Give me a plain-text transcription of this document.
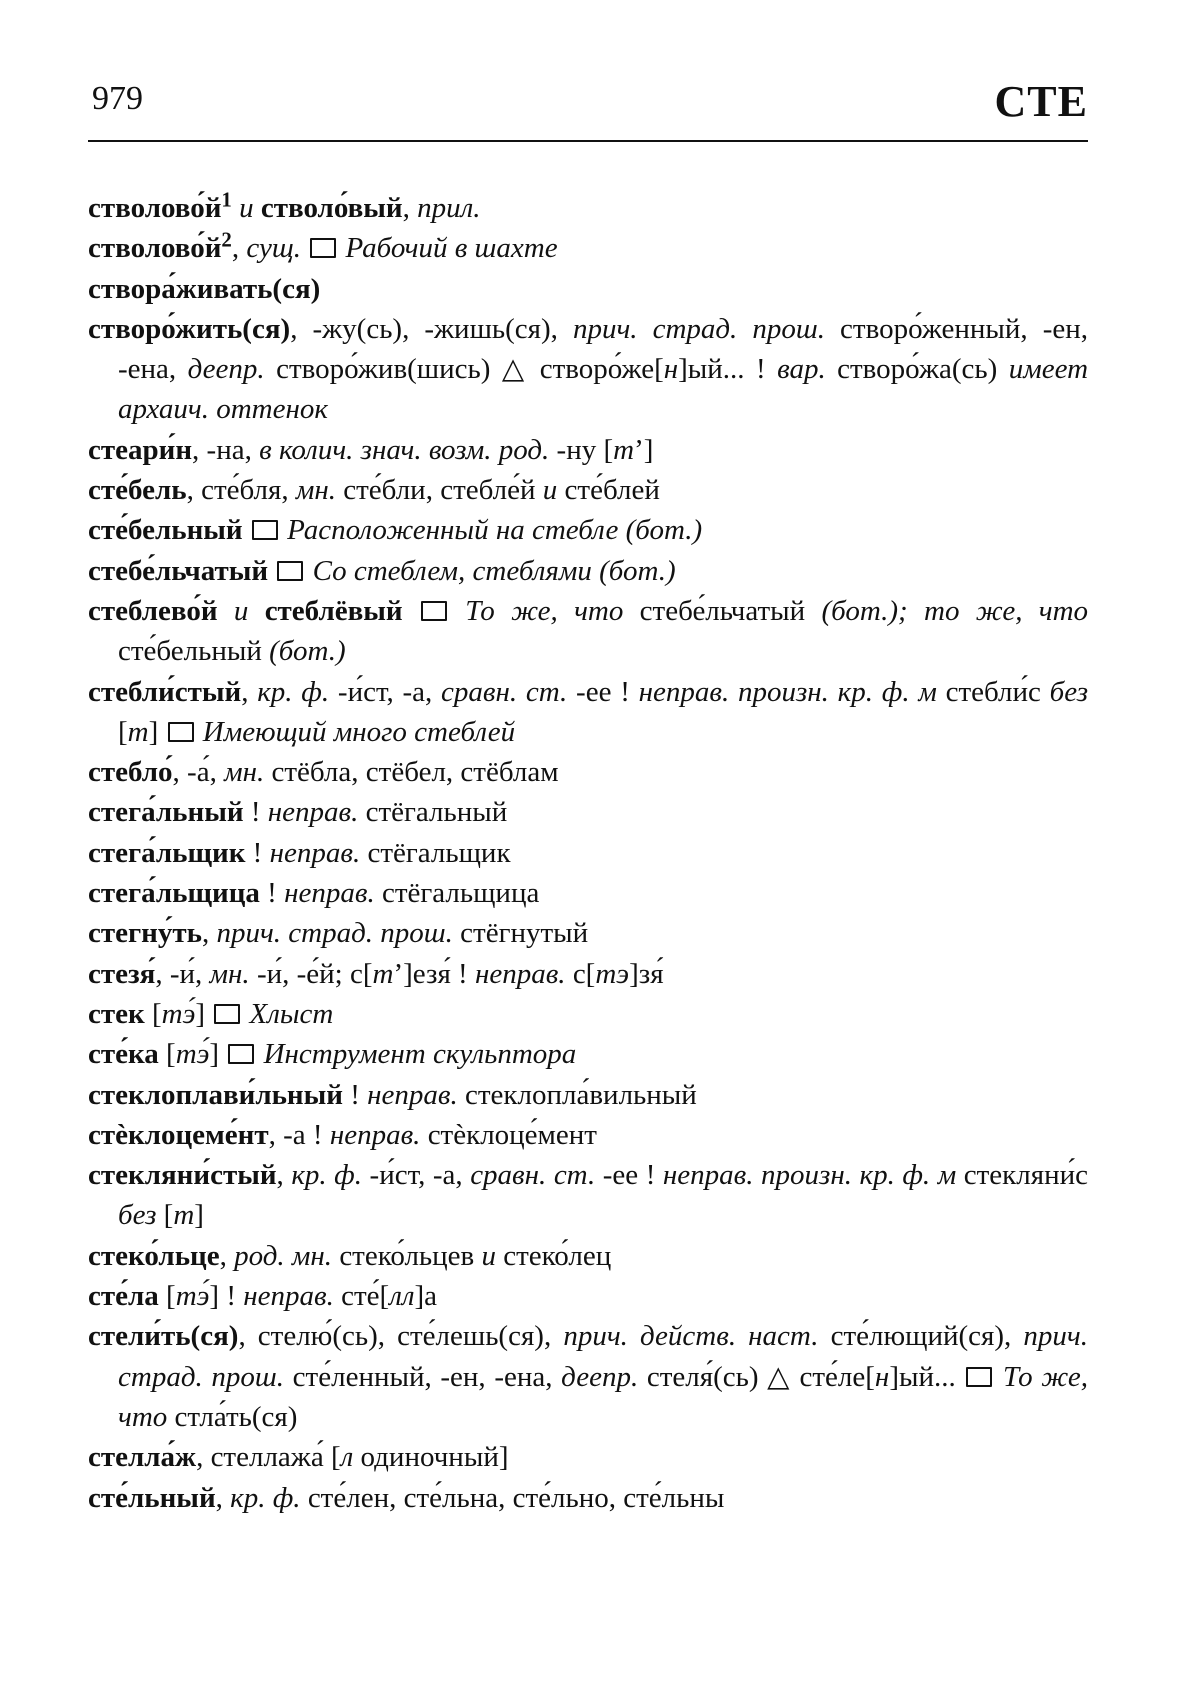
979	СТЕ
$стволово́й^1$ и стволо́вый, прил.
$стволово́й^2$, сущ. Рабочий в шахте
створа́живать(ся)
створо́жить(ся), -жу(сь), -жишь(ся), прич. страд. прош. створо́женный, -ен, -ена, деепр. створо́жив(шись) △ створо́же[н]ый... ! вар. створо́жа(сь) имеет архаич. оттенок
стеари́н, -на, в колич. знач. возм. род. -ну [тʼ]
сте́бель, сте́бля, мн. сте́бли, стебле́й и сте́блей
сте́бельный Расположенный на стебле (бот.)
стебе́льчатый Со стеблем, стеблями (бот.)
стеблево́й и стеблёвый То же, что стебе́льчатый (бот.); то же, что сте́бельный (бот.)
стебли́стый, кр. ф. -и́ст, -а, сравн. ст. -ее ! неправ. произн. кр. ф. м стебли́с без [т]  Имеющий много стеблей
стебло́, -а́, мн. стёбла, стёбел, стёблам
стега́льный ! неправ. стёгальный
стега́льщик ! неправ. стёгальщик
стега́льщица ! неправ. стёгальщица
стегну́ть, прич. страд. прош. стёгнутый
стезя́, -и́, мн. -и́, -е́й; с[тʼ]езя́ ! неправ. с[тэ]зя́
стек [тэ́]  Хлыст
сте́ка [тэ́]  Инструмент скульптора
стеклоплави́льный ! неправ. стеклопла́вильный
стѐклоцеме́нт, -а ! неправ. стѐклоце́мент
стекляни́стый, кр. ф. -и́ст, -а, сравн. ст. -ее ! неправ. произн. кр. ф. м стекляни́с без [т]
стеко́льце, род. мн. стеко́льцев и стеко́лец
сте́ла [тэ́] ! неправ. сте́[лл]а
стели́ть(ся), стелю́(сь), сте́лешь(ся), прич. действ. наст. сте́лющий(ся), прич. страд. прош. сте́ленный, -ен, -ена, деепр. стеля́(сь) △ сте́ле[н]ый...  То же, что стла́ть(ся)
стелла́ж, стеллажа́ [л одиночный]
сте́льный, кр. ф. сте́лен, сте́льна, сте́льно, сте́льны
